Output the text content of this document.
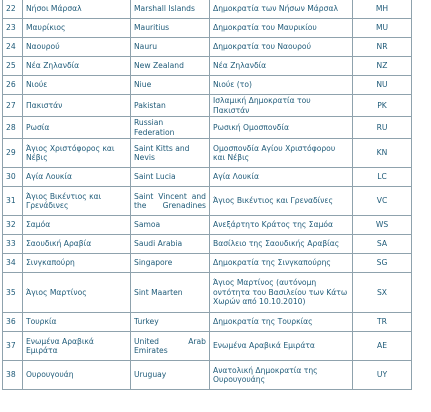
22	Νήσοι Μάρσαλ	Marshall Islands	Δημοκρατία των Νήσων Μάρσαλ	MH
23	Μαυρίκιος	Mauritius	Δημοκρατία του Μαυρικίου	MU
24	Ναουρού	Nauru	Δημοκρατία του Ναουρού	NR
25	Νέα Ζηλανδία	New Zealand	Νέα Ζηλανδία	NZ
26	Νιούε	Niue	Νιούε (το)	NU
27	Πακιστάν	Pakistan	Ισλαμική Δημοκρατία του Πακιστάν	PK
28	Ρωσία	Russian Federation	Ρωσική Ομοσπονδία	RU
29	Άγιος Χριστόφορος και Νέβις	Saint Kitts and Nevis	Ομοσπονδία Αγίου Χριστόφορου και Νέβις	KN
30	Αγία Λουκία	Saint Lucia	Αγία Λουκία	LC
31	Άγιος Βικέντιος και Γρενάδινες	Saint Vincent and the Grenadines	Άγιος Βικέντιος και Γρεναδίνες	VC
32	Σαμόα	Samoa	Ανεξάρτητο Κράτος της Σαμόα	WS
33	Σαουδική Αραβία	Saudi Arabia	Βασίλειο της Σαουδικής Αραβίας	SA
34	Σινγκαπούρη	Singapore	Δημοκρατία της Σινγκαπούρης	SG
35	Άγιος Μαρτίνος	Sint Maarten	Άγιος Μαρτίνος (αυτόνομη οντότητα του Βασιλείου των Κάτω Χωρών από 10.10.2010)	SX
36	Τουρκία	Turkey	Δημοκρατία της Τουρκίας	TR
37	Ενωμένα Αραβικά Εμιράτα	United Arab Emirates	Ενωμένα Αραβικά Εμιράτα	AE
38	Ουρουγουάη	Uruguay	Ανατολική Δημοκρατία της Ουρουγουάης	UY
